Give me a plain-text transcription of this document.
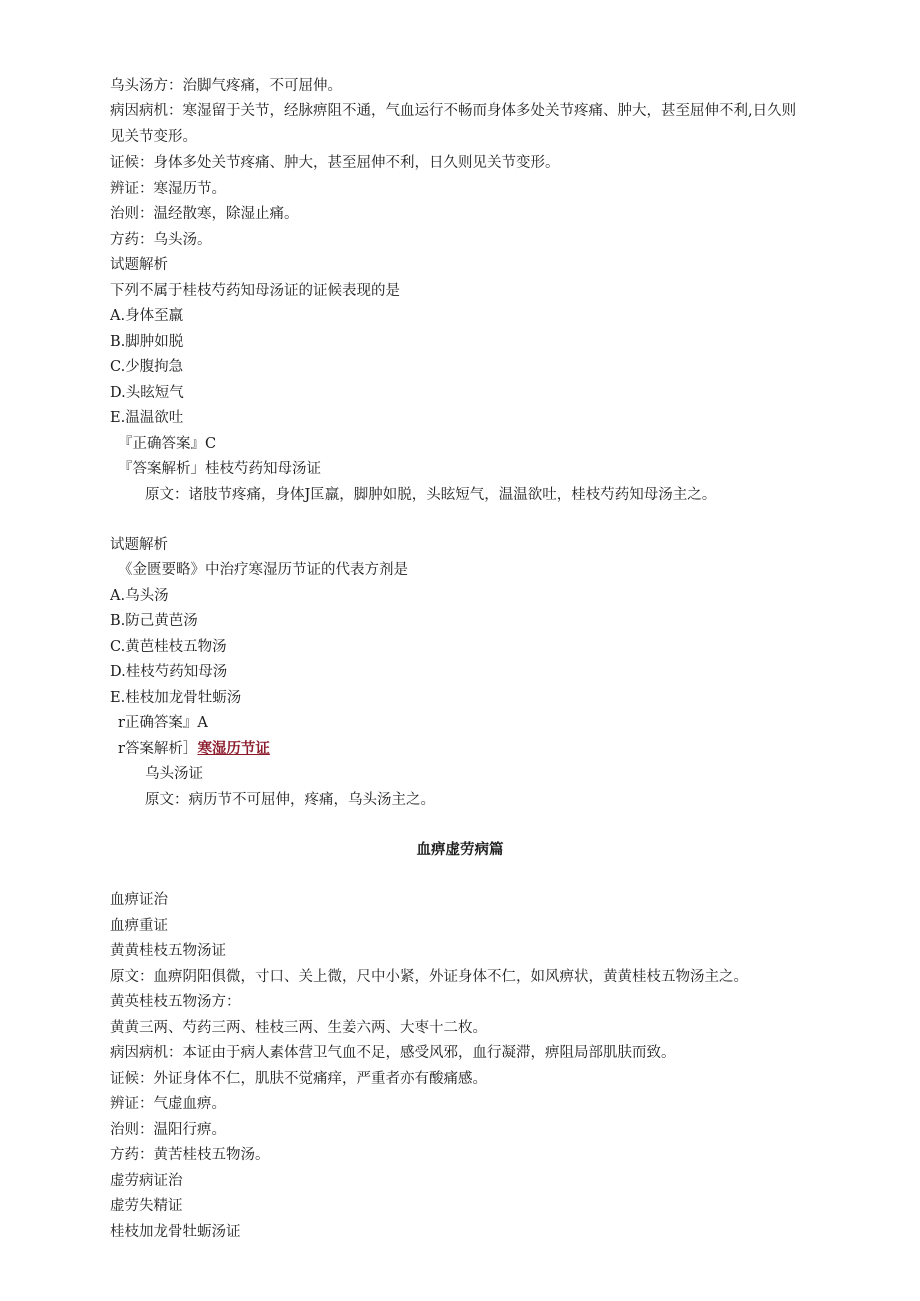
乌头汤方：治脚气疼痛，不可屈伸。
病因病机：寒湿留于关节，经脉痹阻不通，气血运行不畅而身体多处关节疼痛、肿大，甚至屈伸不利,日久则见关节变形。
证候：身体多处关节疼痛、肿大，甚至屈伸不利，日久则见关节变形。
辨证：寒湿历节。
治则：温经散寒，除湿止痛。
方药：乌头汤。
试题解析
下列不属于桂枝芍药知母汤证的证候表现的是
A.身体至羸
B.脚肿如脱
C.少腹拘急
D.头眩短气
E.温温欲吐
『正确答案』C
『答案解析」桂枝芍药知母汤证
原文：诸肢节疼痛，身体J匡羸，脚肿如脱，头眩短气，温温欲吐，桂枝芍药知母汤主之。
试题解析
《金匮要略》中治疗寒湿历节证的代表方剂是
A.乌头汤
B.防己黄芭汤
C.黄芭桂枝五物汤
D.桂枝芍药知母汤
E.桂枝加龙骨牡蛎汤
r正确答案』A
r答案解析］寒湿历节证
乌头汤证
原文：病历节不可屈伸，疼痛，乌头汤主之。
血痹虚劳病篇
血痹证治
血痹重证
黄黄桂枝五物汤证
原文：血痹阴阳俱微，寸口、关上微，尺中小紧，外证身体不仁，如风痹状，黄黄桂枝五物汤主之。
黄英桂枝五物汤方：
黄黄三两、芍药三两、桂枝三两、生姜六两、大枣十二枚。
病因病机：本证由于病人素体营卫气血不足，感受风邪，血行凝滞，痹阻局部肌肤而致。
证候：外证身体不仁，肌肤不觉痛痒，严重者亦有酸痛感。
辨证：气虚血痹。
治则：温阳行痹。
方药：黄苦桂枝五物汤。
虚劳病证治
虚劳失精证
桂枝加龙骨牡蛎汤证
